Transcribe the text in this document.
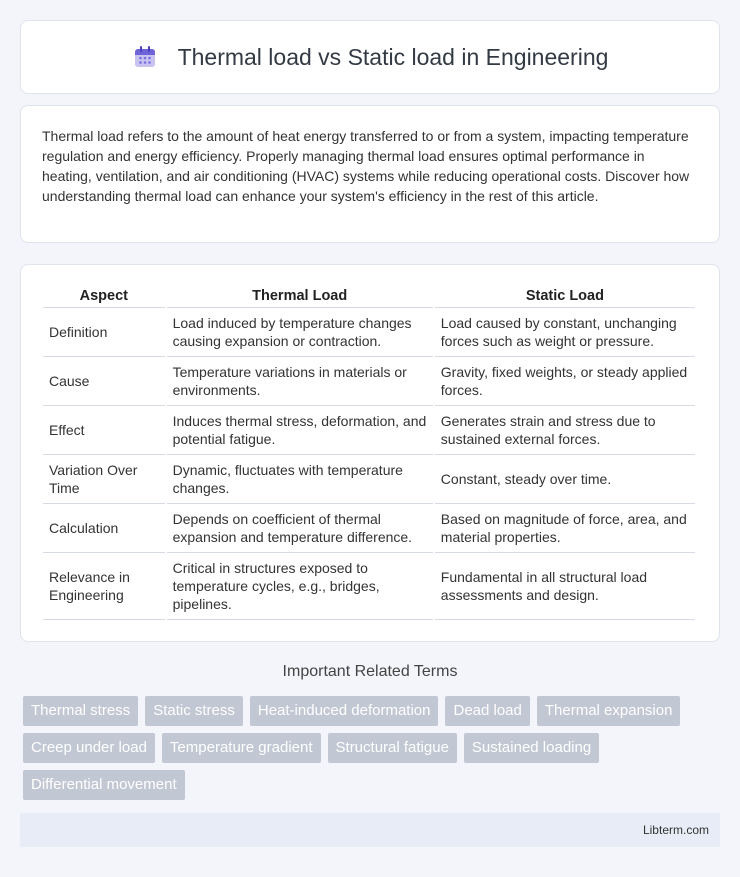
Thermal load vs Static load in Engineering

Thermal load refers to the amount of heat energy transferred to or from a system, impacting temperature regulation and energy efficiency. Properly managing thermal load ensures optimal performance in heating, ventilation, and air conditioning (HVAC) systems while reducing operational costs. Discover how understanding thermal load can enhance your system's efficiency in the rest of this article.

Aspect	Thermal Load	Static Load
Definition	Load induced by temperature changes causing expansion or contraction.	Load caused by constant, unchanging forces such as weight or pressure.
Cause	Temperature variations in materials or environments.	Gravity, fixed weights, or steady applied forces.
Effect	Induces thermal stress, deformation, and potential fatigue.	Generates strain and stress due to sustained external forces.
Variation Over Time	Dynamic, fluctuates with temperature changes.	Constant, steady over time.
Calculation	Depends on coefficient of thermal expansion and temperature difference.	Based on magnitude of force, area, and material properties.
Relevance in Engineering	Critical in structures exposed to temperature cycles, e.g., bridges, pipelines.	Fundamental in all structural load assessments and design.
Important Related Terms
Thermal stress	Static stress	Heat-induced deformation	Dead load	Thermal expansion
Creep under load	Temperature gradient	Structural fatigue	Sustained loading
Differential movement
Libterm.com
